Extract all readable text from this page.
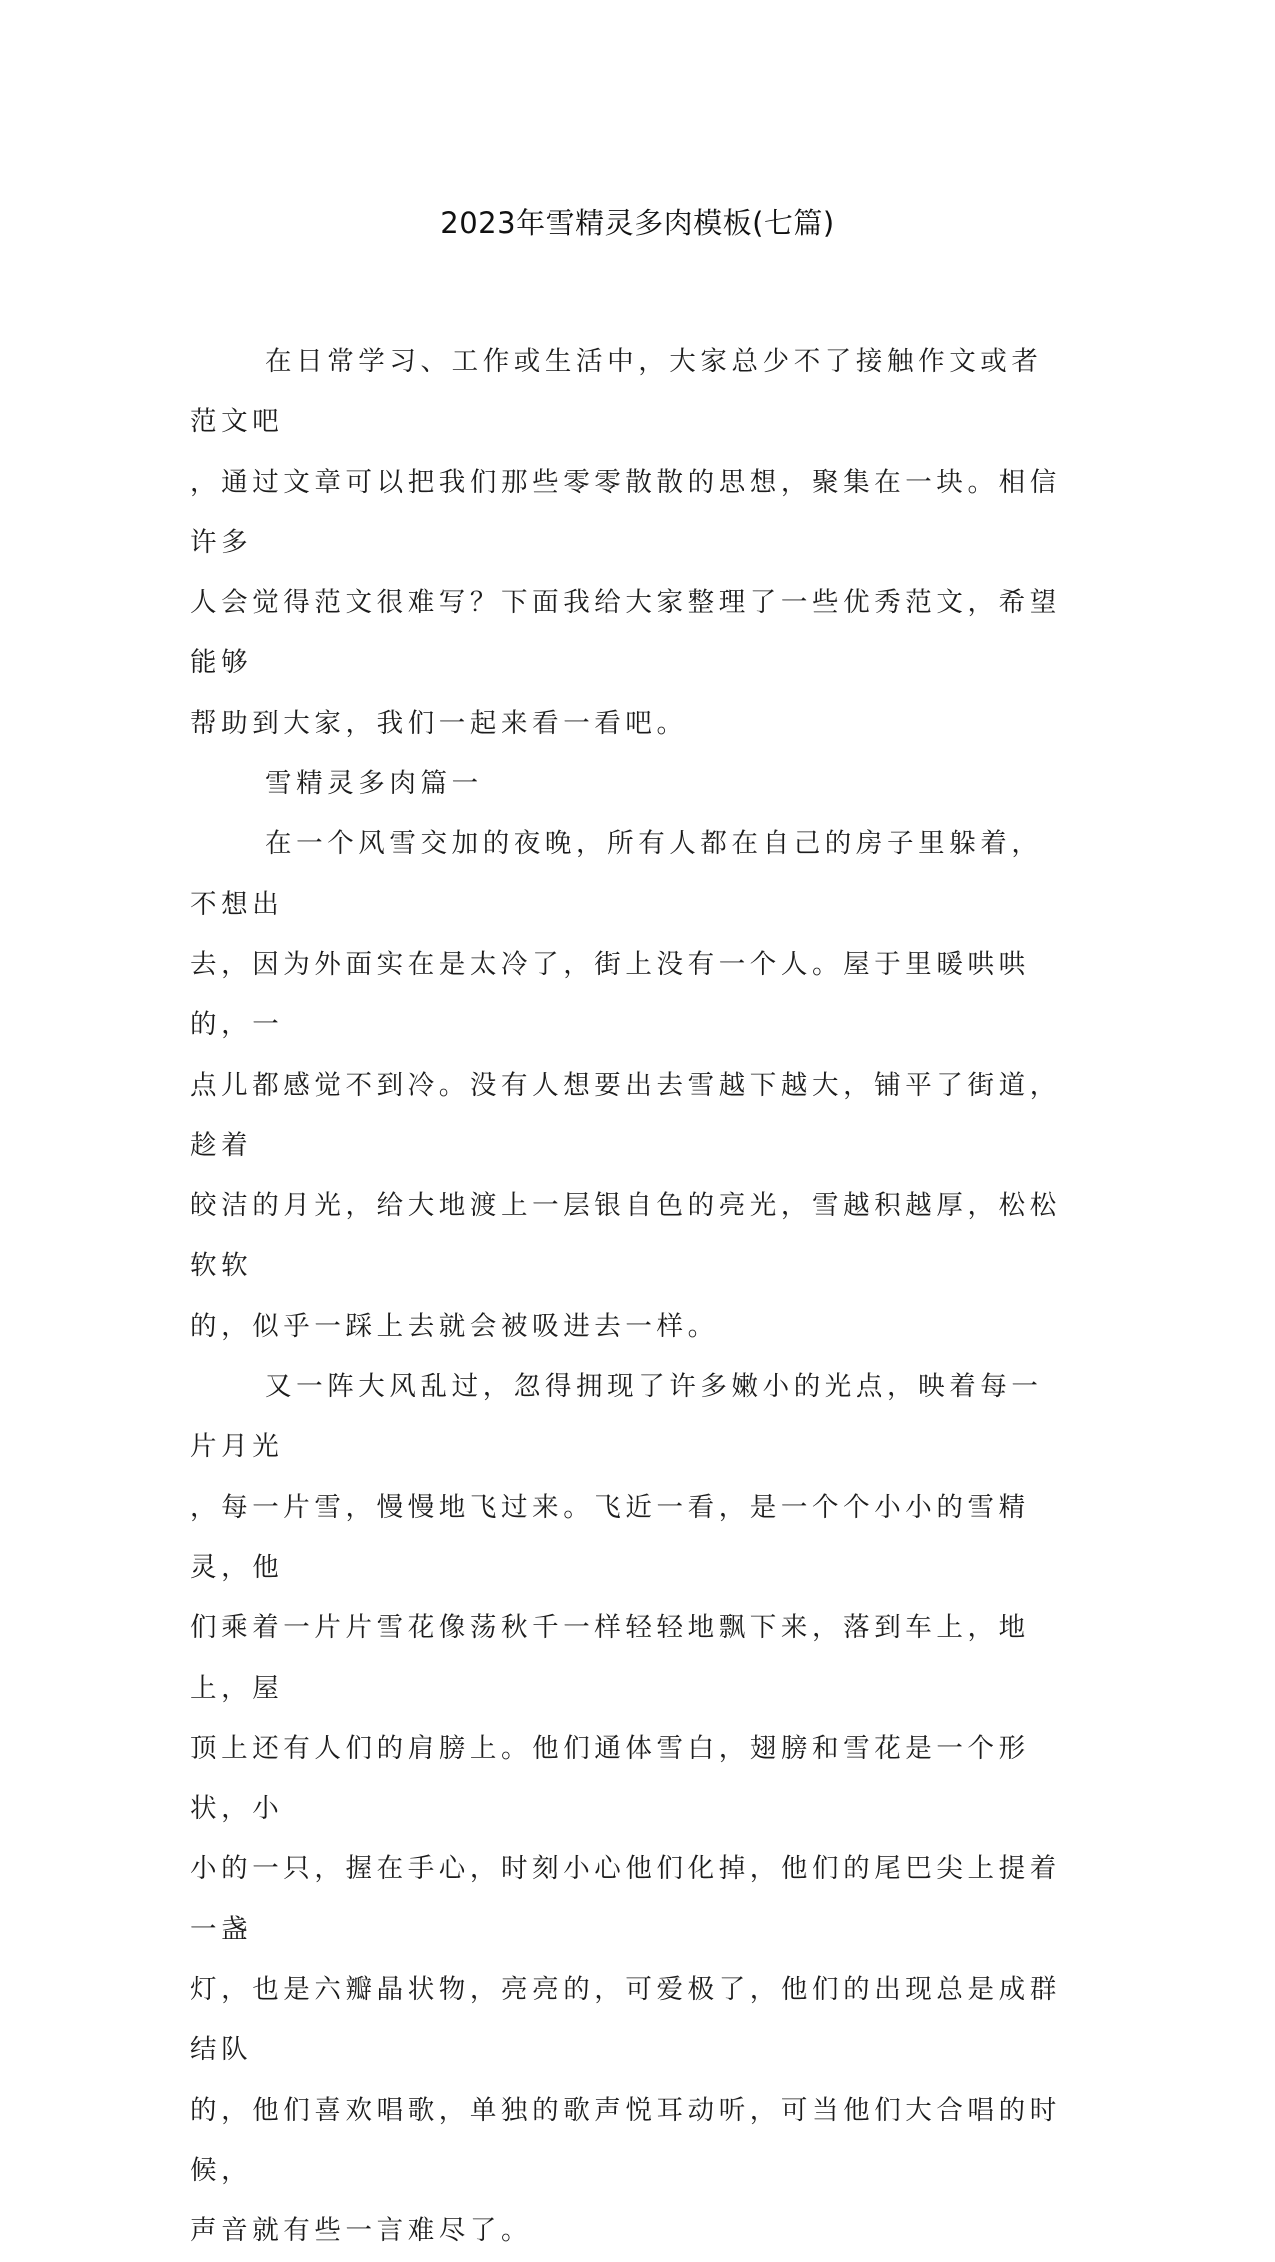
2023年雪精灵多肉模板(七篇)

在日常学习、工作或生活中，大家总少不了接触作文或者范文吧
，通过文章可以把我们那些零零散散的思想，聚集在一块。相信许多
人会觉得范文很难写？下面我给大家整理了一些优秀范文，希望能够
帮助到大家，我们一起来看一看吧。

雪精灵多肉篇一

在一个风雪交加的夜晚，所有人都在自己的房子里躲着，不想出
去，因为外面实在是太冷了，街上没有一个人。屋于里暖哄哄的，一
点儿都感觉不到冷。没有人想要出去雪越下越大，铺平了街道，趁着
皎洁的月光，给大地渡上一层银自色的亮光，雪越积越厚，松松软软
的，似乎一踩上去就会被吸进去一样。

又一阵大风乱过，忽得拥现了许多嫩小的光点，映着每一片月光
，每一片雪，慢慢地飞过来。飞近一看，是一个个小小的雪精灵，他
们乘着一片片雪花像荡秋千一样轻轻地飘下来，落到车上，地上，屋
顶上还有人们的肩膀上。他们通体雪白，翅膀和雪花是一个形状，小
小的一只，握在手心，时刻小心他们化掉，他们的尾巴尖上提着一盏
灯，也是六瓣晶状物，亮亮的，可爱极了，他们的出现总是成群结队
的，他们喜欢唱歌，单独的歌声悦耳动听，可当他们大合唱的时候，
声音就有些一言难尽了。
